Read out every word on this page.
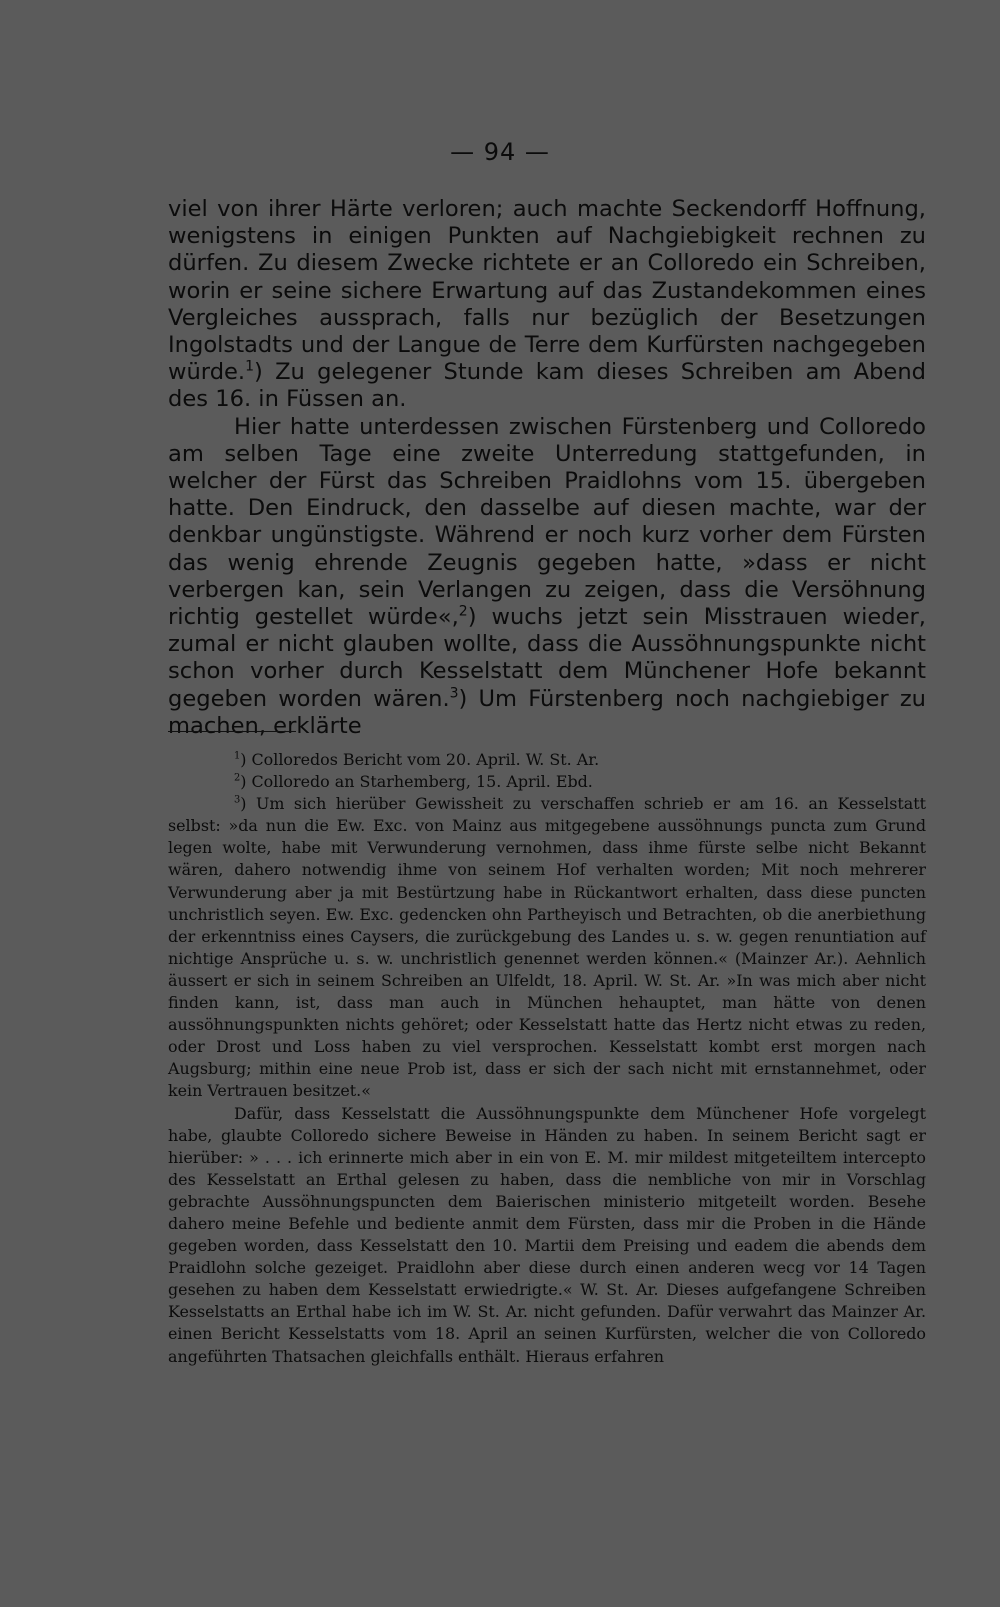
— 94 —

viel von ihrer Härte verloren; auch machte Seckendorff Hoffnung, wenigstens in einigen Punkten auf Nachgiebigkeit rechnen zu dürfen. Zu diesem Zwecke richtete er an Colloredo ein Schreiben, worin er seine sichere Erwartung auf das Zustandekommen eines Vergleiches aussprach, falls nur bezüglich der Besetzungen Ingolstadts und der Langue de Terre dem Kurfürsten nachgegeben würde.$^1$) Zu gelegener Stunde kam dieses Schreiben am Abend des 16. in Füssen an.

Hier hatte unterdessen zwischen Fürstenberg und Colloredo am selben Tage eine zweite Unterredung stattgefunden, in welcher der Fürst das Schreiben Praidlohns vom 15. übergeben hatte. Den Eindruck, den dasselbe auf diesen machte, war der denkbar ungünstigste. Während er noch kurz vorher dem Fürsten das wenig ehrende Zeugnis gegeben hatte, »dass er nicht verbergen kan, sein Verlangen zu zeigen, dass die Versöhnung richtig gestellet würde«,$^2$) wuchs jetzt sein Misstrauen wieder, zumal er nicht glauben wollte, dass die Aussöhnungspunkte nicht schon vorher durch Kesselstatt dem Münchener Hofe bekannt gegeben worden wären.$^3$) Um Fürstenberg noch nachgiebiger zu machen, erklärte

$^1$) Colloredos Bericht vom 20. April. W. St. Ar.

$^2$) Colloredo an Starhemberg, 15. April. Ebd.

$^3$) Um sich hierüber Gewissheit zu verschaffen schrieb er am 16. an Kesselstatt selbst: »da nun die Ew. Exc. von Mainz aus mitgegebene aussöhnungs puncta zum Grund legen wolte, habe mit Verwunderung vernohmen, dass ihme fürste selbe nicht Bekannt wären, dahero notwendig ihme von seinem Hof verhalten worden; Mit noch mehrerer Verwunderung aber ja mit Bestürtzung habe in Rückantwort erhalten, dass diese puncten unchristlich seyen. Ew. Exc. gedencken ohn Partheyisch und Betrachten, ob die anerbiethung der erkenntniss eines Caysers, die zurückgebung des Landes u. s. w. gegen renuntiation auf nichtige Ansprüche u. s. w. unchristlich genennet werden können.« (Mainzer Ar.). Aehnlich äussert er sich in seinem Schreiben an Ulfeldt, 18. April. W. St. Ar. »In was mich aber nicht finden kann, ist, dass man auch in München hehauptet, man hätte von denen aussöhnungspunkten nichts gehöret; oder Kesselstatt hatte das Hertz nicht etwas zu reden, oder Drost und Loss haben zu viel versprochen. Kesselstatt kombt erst morgen nach Augsburg; mithin eine neue Prob ist, dass er sich der sach nicht mit ernstannehmet, oder kein Vertrauen besitzet.«

Dafür, dass Kesselstatt die Aussöhnungspunkte dem Münchener Hofe vorgelegt habe, glaubte Colloredo sichere Beweise in Händen zu haben. In seinem Bericht sagt er hierüber: » . . . ich erinnerte mich aber in ein von E. M. mir mildest mitgeteiltem intercepto des Kesselstatt an Erthal gelesen zu haben, dass die nembliche von mir in Vorschlag gebrachte Aussöhnungspuncten dem Baierischen ministerio mitgeteilt worden. Besehe dahero meine Befehle und bediente anmit dem Fürsten, dass mir die Proben in die Hände gegeben worden, dass Kesselstatt den 10. Martii dem Preising und eadem die abends dem Praidlohn solche gezeiget. Praidlohn aber diese durch einen anderen wecg vor 14 Tagen gesehen zu haben dem Kesselstatt erwiedrigte.« W. St. Ar. Dieses aufgefangene Schreiben Kesselstatts an Erthal habe ich im W. St. Ar. nicht gefunden. Dafür verwahrt das Mainzer Ar. einen Bericht Kesselstatts vom 18. April an seinen Kurfürsten, welcher die von Colloredo angeführten Thatsachen gleichfalls enthält. Hieraus erfahren
